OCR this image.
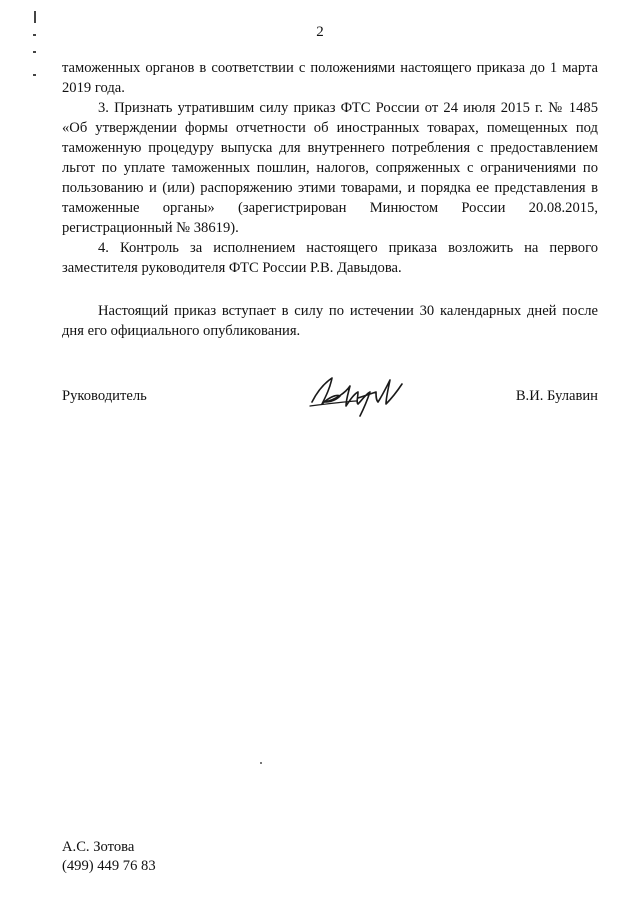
2

таможенных органов в соответствии с положениями настоящего приказа до 1 марта 2019 года.

3. Признать утратившим силу приказ ФТС России от 24 июля 2015 г. № 1485 «Об утверждении формы отчетности об иностранных товарах, помещенных под таможенную процедуру выпуска для внутреннего потребления с предоставлением льгот по уплате таможенных пошлин, налогов, сопряженных с ограничениями по пользованию и (или) распоряжению этими товарами, и порядка ее представления в таможенные органы» (зарегистрирован Минюстом России 20.08.2015, регистрационный № 38619).

4. Контроль за исполнением настоящего приказа возложить на первого заместителя руководителя ФТС России Р.В. Давыдова.

Настоящий приказ вступает в силу по истечении 30 календарных дней после дня его официального опубликования.

Руководитель	В.И. Булавин
А.С. Зотова
(499) 449 76 83
